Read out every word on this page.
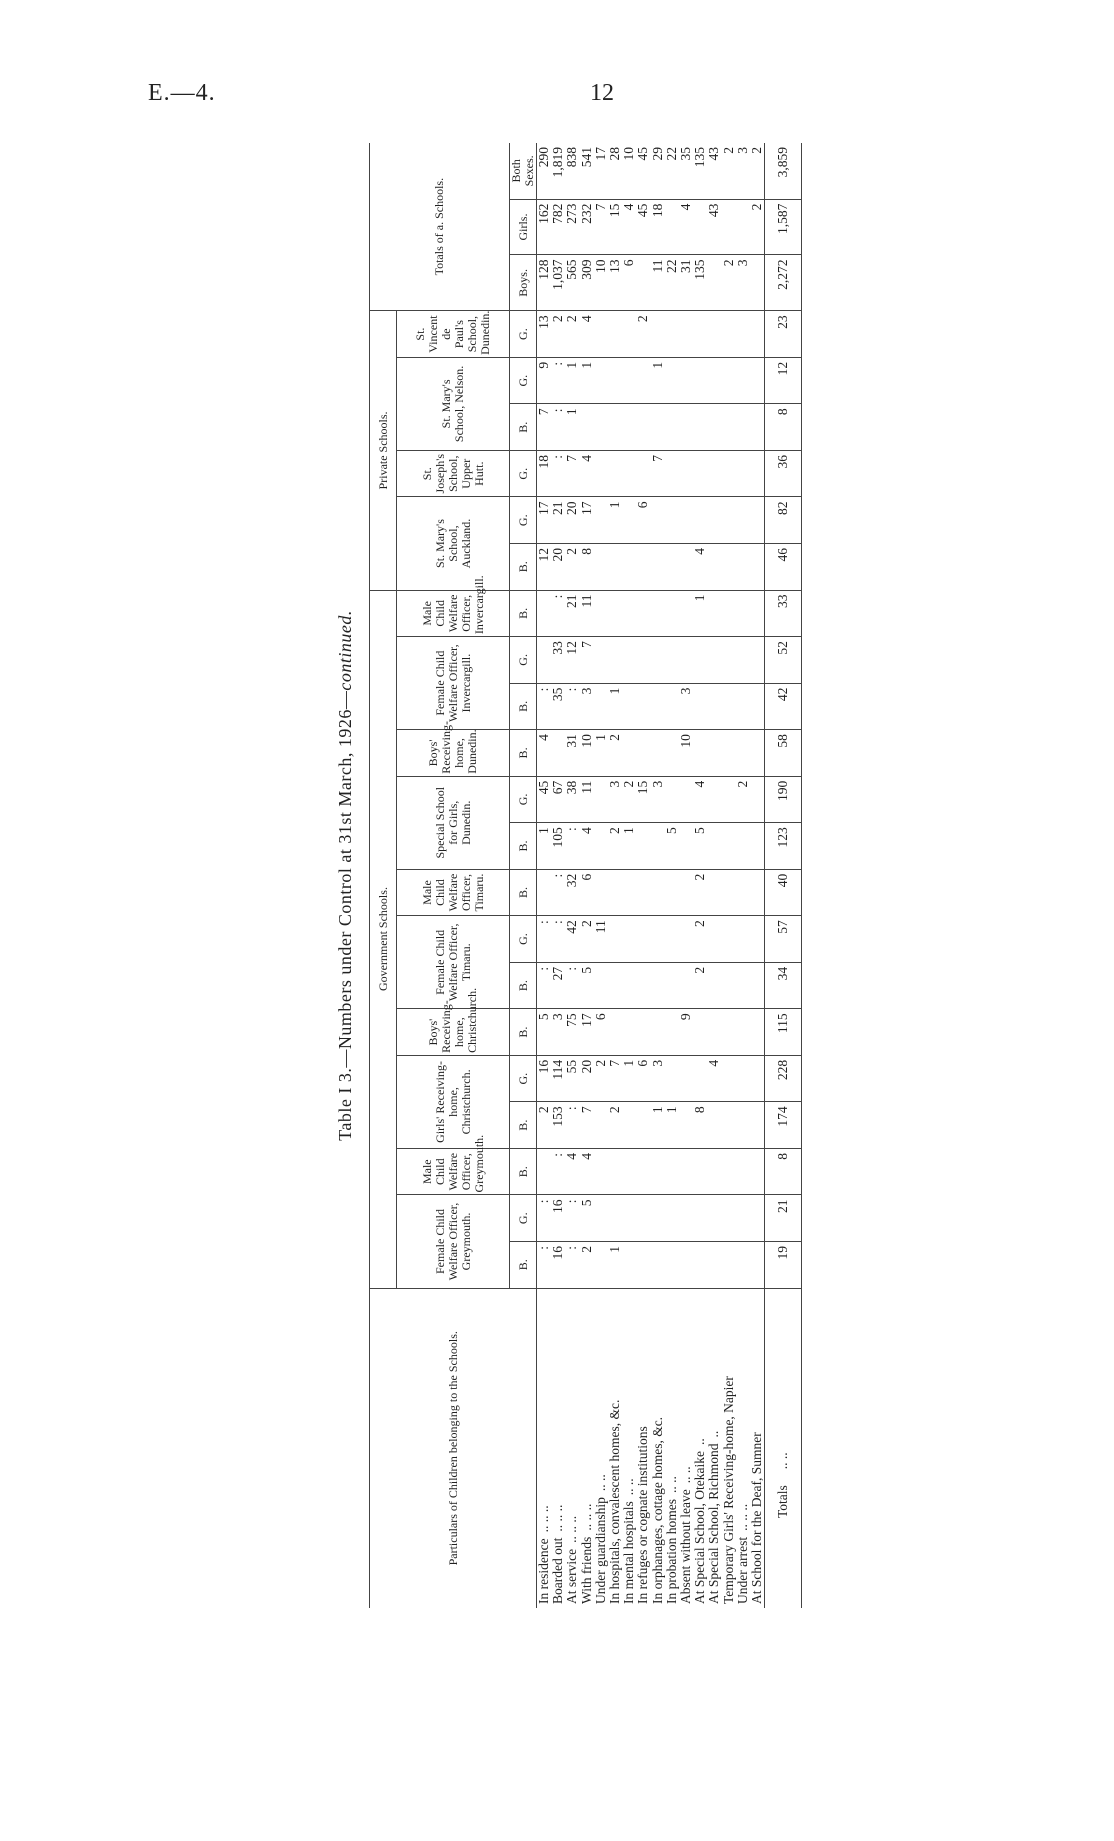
E.—4.	12
Table I 3.—Numbers under Control at 31st March, 1926—continued.
Particulars of Children belonging to the Schools.	Government Schools.															Private Schools.						Totals of a. Schools.		
	Female Child Welfare Officer, Greymouth.		Male Child Welfare Officer, Greymouth.	Girls' Receiving-home, Christchurch.		Boys' Receiving-home, Christchurch.	Female Child Welfare Officer, Timaru.		Male Child Welfare Officer, Timaru.	Special School for Girls, Dunedin.		Boys' Receiving-home, Dunedin.	Female Child Welfare Officer, Invercargill.		Male Child Welfare Officer, Invercargill.	St. Mary's School, Auckland.		St. Joseph's School, Upper Hutt.	St. Mary's School, Nelson.		St. Vincent de Paul's School, Dunedin.			
	B.	G.	B.	B.	G.	B.	B.	G.	B.	B.	G.	B.	B.	G.	B.	B.	G.	G.	B.	G.	G.	Boys.	Girls.	Both Sexes.
In residence.. .. ..	:	:		2	16	5	:	:		1	45	4	:			12	17	18	7	9	13	128	162	290
Boarded out.. .. ..	16	16	:	153	114	3	27	:	:	105	67		35	33	:	20	21	:	:	:	2	1,037	782	1,819
At service.. .. ..	:	:	4	:	55	75	:	42	32	:	38	31	:	12	21	2	20	7	1	1	2	565	273	838
With friends.. .. ..	2	5	4	7	20	17	5	2	6	4	11	10	3	7	11	8	17	4		1	4	309	232	541
Under guardianship.. ..					2	6		11				1										10	7	17
In hospitals, convalescent homes, &c.	1			2	7					2	3	2	1				1					13	15	28
In mental hospitals.. ..					1					1	2											6	4	10
In refuges or cognate institutions					6						15						6				2		45	45
In orphanages, cottage homes, &c.				1	3						3							7		1		11	18	29
In probation homes.. ..				1						5												22		22
Absent without leave.. ..						9						10	3									31	4	35
At Special School, Otekaike..				8			2	2	2	5	4				1	4						135		135
At Special School, Richmond..					4																		43	43
Temporary Girls' Receiving-home, Napier																						2		2
Under arrest.. .. ..											2											3		3
At School for the Deaf, Sumner																							2	2
Totals.. ..	19	21	8	174	228	115	34	57	40	123	190	58	42	52	33	46	82	36	8	12	23	2,272	1,587	3,859
